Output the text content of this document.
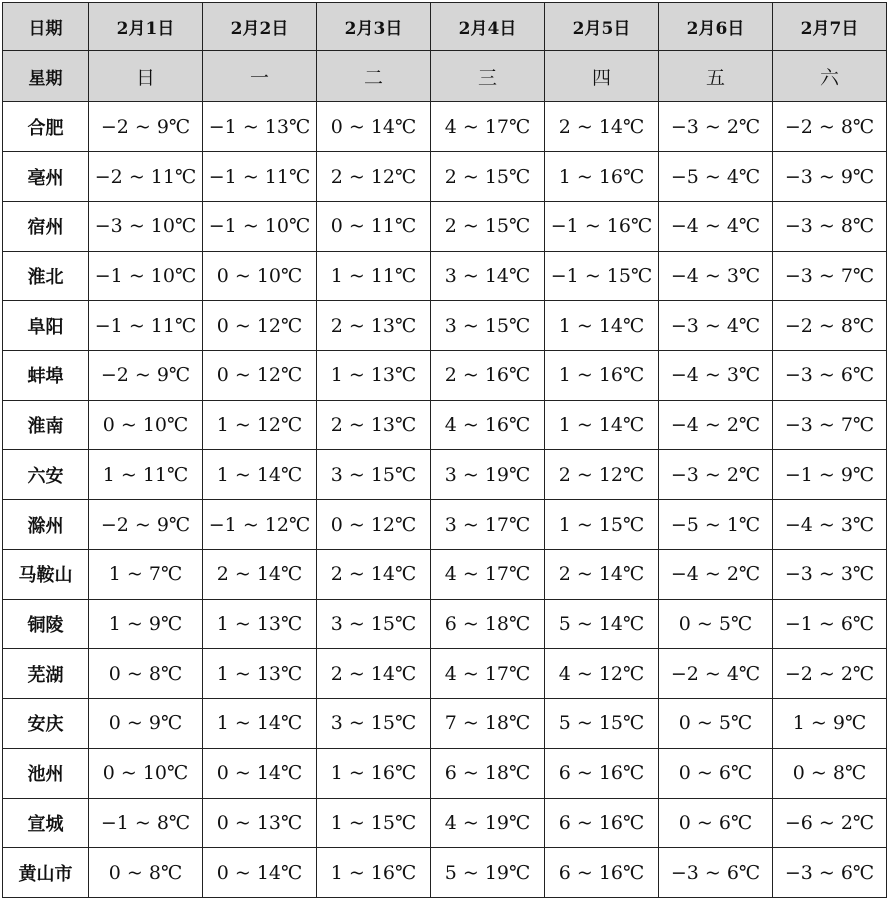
日期	2月1日	2月2日	2月3日	2月4日	2月5日	2月6日	2月7日
星期	日	一	二	三	四	五	六
合肥	−2 ~ 9℃	−1 ~ 13℃	0 ~ 14℃	4 ~ 17℃	2 ~ 14℃	−3 ~ 2℃	−2 ~ 8℃
亳州	−2 ~ 11℃	−1 ~ 11℃	2 ~ 12℃	2 ~ 15℃	1 ~ 16℃	−5 ~ 4℃	−3 ~ 9℃
宿州	−3 ~ 10℃	−1 ~ 10℃	0 ~ 11℃	2 ~ 15℃	−1 ~ 16℃	−4 ~ 4℃	−3 ~ 8℃
淮北	−1 ~ 10℃	0 ~ 10℃	1 ~ 11℃	3 ~ 14℃	−1 ~ 15℃	−4 ~ 3℃	−3 ~ 7℃
阜阳	−1 ~ 11℃	0 ~ 12℃	2 ~ 13℃	3 ~ 15℃	1 ~ 14℃	−3 ~ 4℃	−2 ~ 8℃
蚌埠	−2 ~ 9℃	0 ~ 12℃	1 ~ 13℃	2 ~ 16℃	1 ~ 16℃	−4 ~ 3℃	−3 ~ 6℃
淮南	0 ~ 10℃	1 ~ 12℃	2 ~ 13℃	4 ~ 16℃	1 ~ 14℃	−4 ~ 2℃	−3 ~ 7℃
六安	1 ~ 11℃	1 ~ 14℃	3 ~ 15℃	3 ~ 19℃	2 ~ 12℃	−3 ~ 2℃	−1 ~ 9℃
滁州	−2 ~ 9℃	−1 ~ 12℃	0 ~ 12℃	3 ~ 17℃	1 ~ 15℃	−5 ~ 1℃	−4 ~ 3℃
马鞍山	1 ~ 7℃	2 ~ 14℃	2 ~ 14℃	4 ~ 17℃	2 ~ 14℃	−4 ~ 2℃	−3 ~ 3℃
铜陵	1 ~ 9℃	1 ~ 13℃	3 ~ 15℃	6 ~ 18℃	5 ~ 14℃	0 ~ 5℃	−1 ~ 6℃
芜湖	0 ~ 8℃	1 ~ 13℃	2 ~ 14℃	4 ~ 17℃	4 ~ 12℃	−2 ~ 4℃	−2 ~ 2℃
安庆	0 ~ 9℃	1 ~ 14℃	3 ~ 15℃	7 ~ 18℃	5 ~ 15℃	0 ~ 5℃	1 ~ 9℃
池州	0 ~ 10℃	0 ~ 14℃	1 ~ 16℃	6 ~ 18℃	6 ~ 16℃	0 ~ 6℃	0 ~ 8℃
宣城	−1 ~ 8℃	0 ~ 13℃	1 ~ 15℃	4 ~ 19℃	6 ~ 16℃	0 ~ 6℃	−6 ~ 2℃
黄山市	0 ~ 8℃	0 ~ 14℃	1 ~ 16℃	5 ~ 19℃	6 ~ 16℃	−3 ~ 6℃	−3 ~ 6℃
